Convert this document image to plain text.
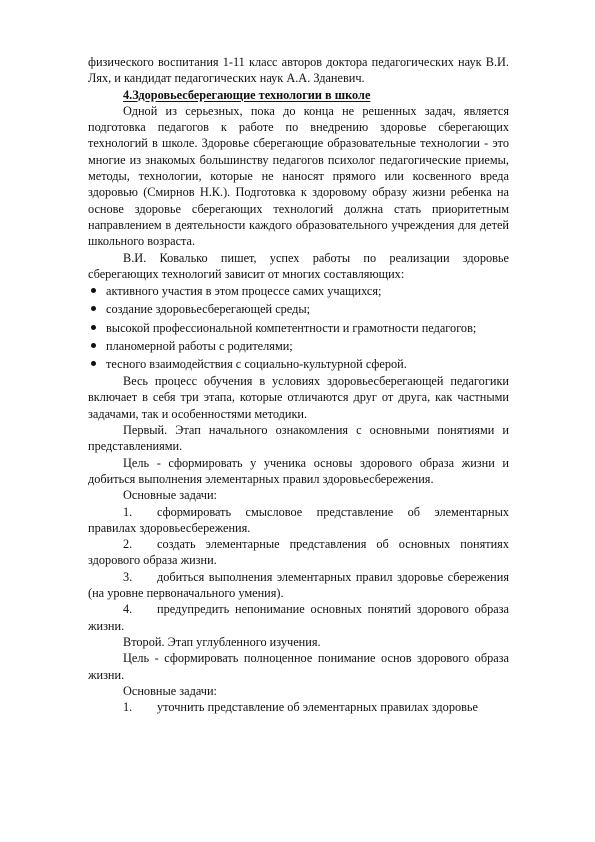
физического воспитания 1-11 класс авторов доктора педагогических наук В.И. Лях, и кандидат педагогических наук А.А. Зданевич.

4.Здоровьесберегающие технологии в школе

Одной из серьезных, пока до конца не решенных задач, является подготовка педагогов к работе по внедрению здоровье сберегающих технологий в школе. Здоровье сберегающие образовательные технологии - это многие из знакомых большинству педагогов психолог педагогические приемы, методы, технологии, которые не наносят прямого или косвенного вреда здоровью (Смирнов Н.К.). Подготовка к здоровому образу жизни ребенка на основе здоровье сберегающих технологий должна стать приоритетным направлением в деятельности каждого образовательного учреждения для детей школьного возраста.

В.И. Ковалько пишет, успех работы по реализации здоровье сберегающих технологий зависит от многих составляющих:

активного участия в этом процессе самих учащихся;
создание здоровьесберегающей среды;
высокой профессиональной компетентности и грамотности педагогов;
планомерной работы с родителями;
тесного взаимодействия с социально-культурной сферой.

Весь процесс обучения в условиях здоровьесберегающей педагогики включает в себя три этапа, которые отличаются друг от друга, как частными задачами, так и особенностями методики.

Первый. Этап начального ознакомления с основными понятиями и представлениями.

Цель - сформировать у ученика основы здорового образа жизни и добиться выполнения элементарных правил здоровьесбережения.

Основные задачи:

1. сформировать смысловое представление об элементарных правилах здоровьесбережения.

2. создать элементарные представления об основных понятиях здорового образа жизни.

3. добиться выполнения элементарных правил здоровье сбережения (на уровне первоначального умения).

4. предупредить непонимание основных понятий здорового образа жизни.

Второй. Этап углубленного изучения.

Цель - сформировать полноценное понимание основ здорового образа жизни.

Основные задачи:

1. уточнить представление об элементарных правилах здоровье
